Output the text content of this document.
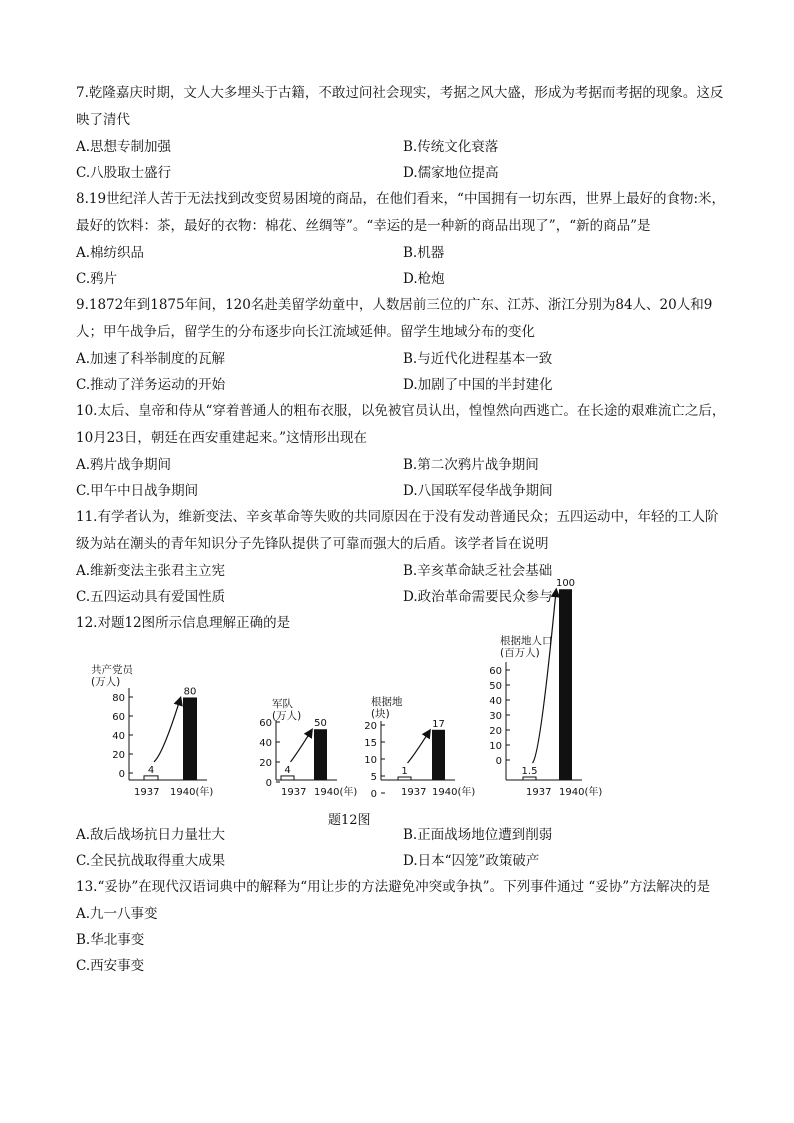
7.乾隆嘉庆时期，文人大多埋头于古籍，不敢过问社会现实，考据之风大盛，形成为考据而考据的现象。这反映了清代

A.思想专制加强	B.传统文化衰落

C.八股取士盛行	D.儒家地位提高

8.19世纪洋人苦于无法找到改变贸易困境的商品，在他们看来，“中国拥有一切东西，世界上最好的食物:米，最好的饮料：茶，最好的衣物：棉花、丝绸等”。“幸运的是一种新的商品出现了”，“新的商品”是

A.棉纺织品	B.机器

C.鸦片	D.枪炮

9.1872年到1875年间，120名赴美留学幼童中，人数居前三位的广东、江苏、浙江分别为84人、20人和9人；甲午战争后，留学生的分布逐步向长江流域延伸。留学生地域分布的变化

A.加速了科举制度的瓦解	B.与近代化进程基本一致

C.推动了洋务运动的开始	D.加剧了中国的半封建化

10.太后、皇帝和侍从“穿着普通人的粗布衣服，以免被官员认出，惶惶然向西逃亡。在长途的艰难流亡之后，10月23日，朝廷在西安重建起来。”这情形出现在

A.鸦片战争期间	B.第二次鸦片战争期间

C.甲午中日战争期间	D.八国联军侵华战争期间

11.有学者认为，维新变法、辛亥革命等失败的共同原因在于没有发动普通民众；五四运动中，年轻的工人阶级为站在潮头的青年知识分子先锋队提供了可靠而强大的后盾。该学者旨在说明

A.维新变法主张君主立宪	B.辛亥革命缺乏社会基础

C.五四运动具有爱国性质	D.政治革命需要民众参与

12.对题12图所示信息理解正确的是

共产党员
(万人)
80
60
40
20
0 4
80
1937 1940(年)
军队
(万人)
60
40
20
0
4
50
1937 1940(年)
根据地
(块)
20
15
10
5
0
1
17
1937 1940(年)
根据地人口
(百万人)
60
50
40
30
20
10
0
1.5
100
1937 1940(年)
题12图

A.敌后战场抗日力量壮大	B.正面战场地位遭到削弱

C.全民抗战取得重大成果	D.日本“囚笼”政策破产

13.“妥协”在现代汉语词典中的解释为“用让步的方法避免冲突或争执”。下列事件通过 “妥协”方法解决的是

A.九一八事变

B.华北事变

C.西安事变
